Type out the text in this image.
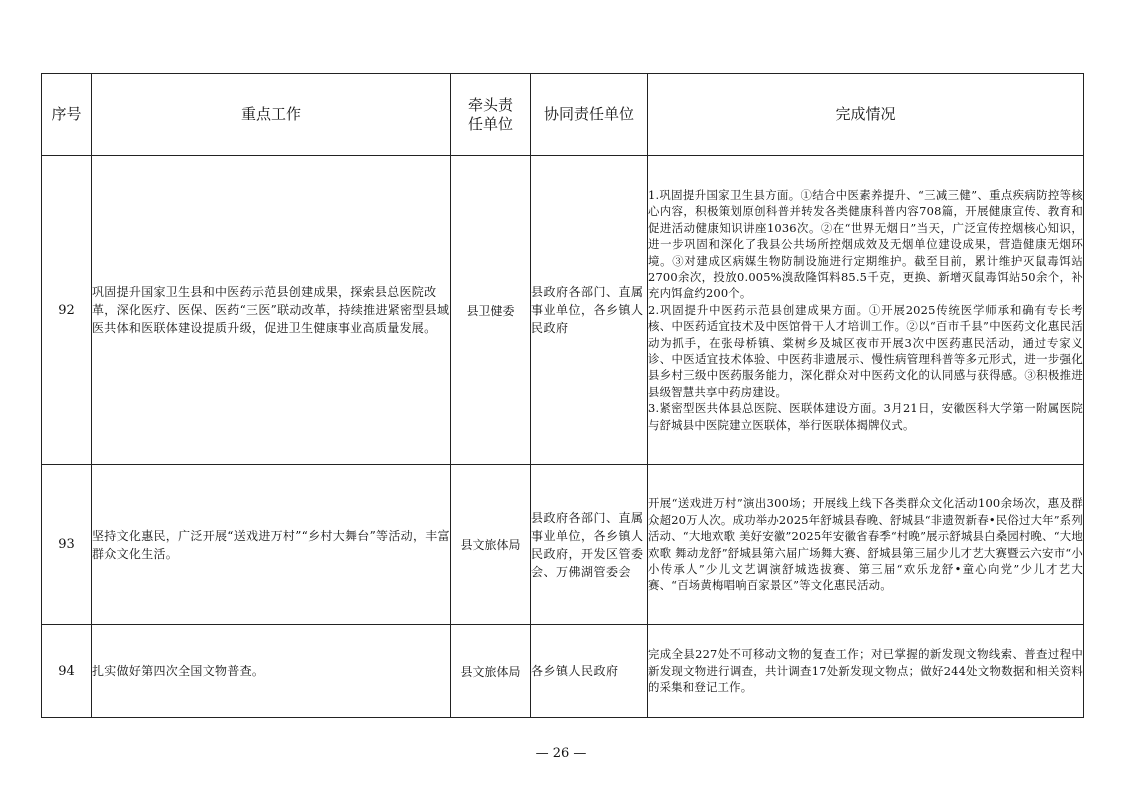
序号	重点工作	牵头责任单位	协同责任单位	完成情况
92	巩固提升国家卫生县和中医药示范县创建成果，探索县总医院改革，深化医疗、医保、医药“三医”联动改革，持续推进紧密型县域医共体和医联体建设提质升级，促进卫生健康事业高质量发展。	县卫健委	县政府各部门、直属事业单位，各乡镇人民政府	1.巩固提升国家卫生县方面。①结合中医素养提升、“三减三健”、重点疾病防控等核心内容，积极策划原创科普并转发各类健康科普内容708篇，开展健康宣传、教育和促进活动健康知识讲座1036次。②在“世界无烟日”当天，广泛宣传控烟核心知识，进一步巩固和深化了我县公共场所控烟成效及无烟单位建设成果，营造健康无烟环境。③对建成区病媒生物防制设施进行定期维护。截至目前，累计维护灭鼠毒饵站2700余次，投放0.005%溴敌隆饵料85.5千克，更换、新增灭鼠毒饵站50余个，补充内饵盒约200个。

2.巩固提升中医药示范县创建成果方面。①开展2025传统医学师承和确有专长考核、中医药适宜技术及中医馆骨干人才培训工作。②以“百市千县”中医药文化惠民活动为抓手，在张母桥镇、棠树乡及城区夜市开展3次中医药惠民活动，通过专家义诊、中医适宜技术体验、中医药非遗展示、慢性病管理科普等多元形式，进一步强化县乡村三级中医药服务能力，深化群众对中医药文化的认同感与获得感。③积极推进县级智慧共享中药房建设。

3.紧密型医共体县总医院、医联体建设方面。3月21日，安徽医科大学第一附属医院与舒城县中医院建立医联体，举行医联体揭牌仪式。

93	坚持文化惠民，广泛开展“送戏进万村”“乡村大舞台”等活动，丰富群众文化生活。	县文旅体局	县政府各部门、直属事业单位，各乡镇人民政府，开发区管委会、万佛湖管委会	开展“送戏进万村”演出300场；开展线上线下各类群众文化活动100余场次，惠及群众超20万人次。成功举办2025年舒城县春晚、舒城县“非遗贺新春•民俗过大年”系列活动、“大地欢歌 美好安徽”2025年安徽省春季“村晚”展示舒城县白桑园村晚、“大地欢歌 舞动龙舒”舒城县第六届广场舞大赛、舒城县第三届少儿才艺大赛暨云六安市“小小传承人”少儿文艺调演舒城选拔赛、第三届“欢乐龙舒•童心向党”少儿才艺大赛、“百场黄梅唱响百家景区”等文化惠民活动。

94	扎实做好第四次全国文物普查。	县文旅体局	各乡镇人民政府	完成全县227处不可移动文物的复查工作；对已掌握的新发现文物线索、普查过程中新发现文物进行调查，共计调查17处新发现文物点；做好244处文物数据和相关资料的采集和登记工作。

— 26 —
